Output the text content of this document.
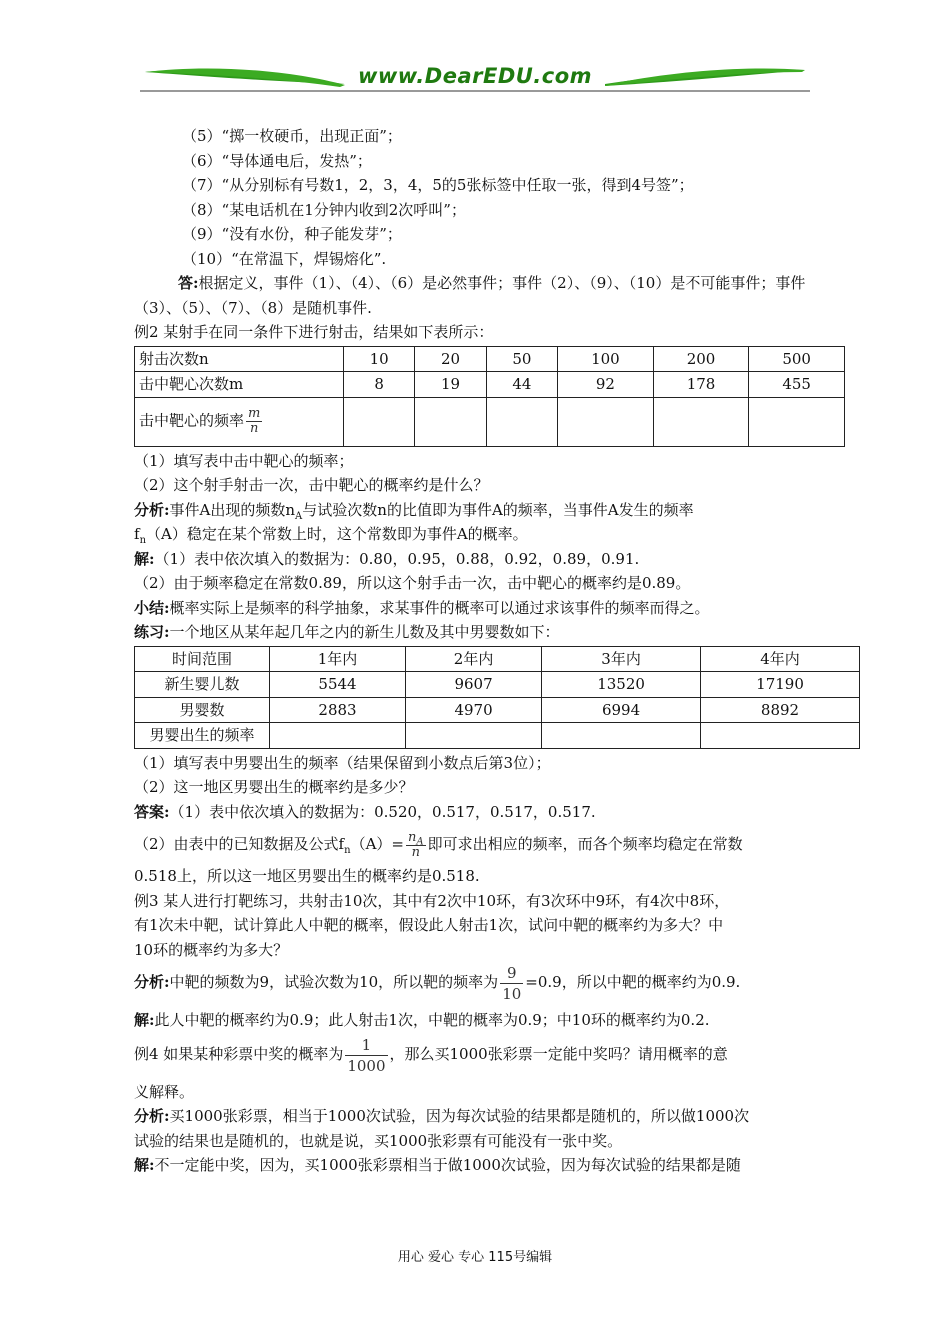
www.DearEDU.com

（5）“掷一枚硬币，出现正面”；

（6）“导体通电后，发热”；

（7）“从分别标有号数1，2，3，4，5的5张标签中任取一张，得到4号签”；

（8）“某电话机在1分钟内收到2次呼叫”；

（9）“没有水份，种子能发芽”；

（10）“在常温下，焊锡熔化”.

答:根据定义，事件（1）、（4）、（6）是必然事件；事件（2）、（9）、（10）是不可能事件；事件

（3）、（5）、（7）、（8）是随机事件.

例2 某射手在同一条件下进行射击，结果如下表所示：

射击次数n	10	20	50	100	200	500
击中靶心次数m	8	19	44	92	178	455
击中靶心的频率 $\frac{m}{n}$

（1）填写表中击中靶心的频率；

（2）这个射手射击一次，击中靶心的概率约是什么？

分析:事件A出现的频数$n_A$与试验次数n的比值即为事件A的频率，当事件A发生的频率

$f_n(A)$稳定在某个常数上时，这个常数即为事件A的概率。

解:（1）表中依次填入的数据为：0.80，0.95，0.88，0.92，0.89，0.91.

（2）由于频率稳定在常数0.89，所以这个射手击一次，击中靶心的概率约是0.89。

小结:概率实际上是频率的科学抽象，求某事件的概率可以通过求该事件的频率而得之。

练习:一个地区从某年起几年之内的新生儿数及其中男婴数如下：

时间范围	1年内	2年内	3年内	4年内
新生婴儿数	5544	9607	13520	17190
男婴数	2883	4970	6994	8892
男婴出生的频率				

（1）填写表中男婴出生的频率（结果保留到小数点后第3位）；

（2）这一地区男婴出生的概率约是多少？

答案:（1）表中依次填入的数据为：0.520，0.517，0.517，0.517.

（2）由表中的已知数据及公式$f_n(A)= \frac{n_A}{n}$ 即可求出相应的频率，而各个频率均稳定在常数

0.518上，所以这一地区男婴出生的概率约是0.518.

例3 某人进行打靶练习，共射击10次，其中有2次中10环，有3次环中9环，有4次中8环，

有1次未中靶，试计算此人中靶的概率，假设此人射击1次，试问中靶的概率约为多大？中

10环的概率约为多大？

分析:中靶的频数为9，试验次数为10，所以靶的频率为 $\frac{9}{10} =0.9$，所以中靶的概率约为0.9.

解:此人中靶的概率约为0.9；此人射击1次，中靶的概率为0.9；中10环的概率约为0.2.

例4 如果某种彩票中奖的概率为 $\frac{1}{1000}$ ，那么买1000张彩票一定能中奖吗？请用概率的意

义解释。

分析:买1000张彩票，相当于1000次试验，因为每次试验的结果都是随机的，所以做1000次

试验的结果也是随机的，也就是说，买1000张彩票有可能没有一张中奖。

解:不一定能中奖，因为，买1000张彩票相当于做1000次试验，因为每次试验的结果都是随

用心 爱心 专心 115号编辑
